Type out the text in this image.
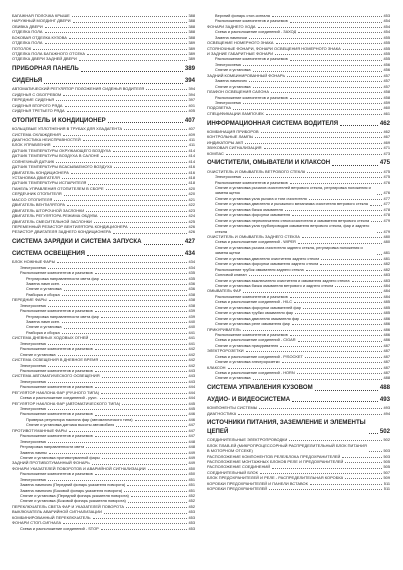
БАГАЖНАЯ ПОЛОЧКА КРЫШЕ	388
НАРУЖНЫЙ МОЛДИНГ ДВЕРИ	388
ОБИВКА ДВЕРИ	388
ОТДЕЛКА ПОЛА	388
БОКОВАЯ ОТДЕЛКА КУЗОВА	388
ОТДЕЛКА ПОЛА	389
ПОТОЛОК	389
ОТДЕЛКА ПОЛА БАГАЖНОГО ОТСЕКА	389
ОТДЕЛКА ДВЕРИ ЗАДНЕЙ ДВЕРИ	389
ПРИБОРНАЯ ПАНЕЛЬ	389
СИДЕНЬЯ	394
АВТОМАТИЧЕСКИЙ РЕГУЛЯТОР ПОЛОЖЕНИЯ СИДЕНЬЯ ВОДИТЕЛЯ	394
СИДЕНЬЯ С ОБОГРЕВОМ	394
ПЕРЕДНИЕ СИДЕНЬЯ	397
СИДЕНЬЯ ВТОРОГО РЯДА	401
СИДЕНЬЯ ТРЕТЬЕГО РЯДА	405
ОТОПИТЕЛЬ И КОНДИЦИОНЕР	407
КОЛЬЦЕВЫЕ УПЛОТНЕНИЯ В ТРУБАХ ДЛЯ ХЛАДАГЕНТА	407
СИСТЕМА ОХЛАЖДЕНИЯ	409
ДИАГНОСТИКА НЕИСПРАВНОСТЕЙ	411
БЛОК УПРАВЛЕНИЯ	411
ДАТЧИК ТЕМПЕРАТУРЫ ОКРУЖАЮЩЕГО ВОЗДУХА	414
ДАТЧИК ТЕМПЕРАТУРЫ ВОЗДУХА В САЛОНЕ	414
СОЛНЕЧНЫЙ ДАТЧИК	414
ДАТЧИК ТЕМПЕРАТУРЫ ВСАСЫВАЕМОГО ВОЗДУХА	416
ДВИГАТЕЛЬ КОНДИЦИОНЕРА	416
УСТАНОВКА ДВИГАТЕЛЯ	418
ДАТЧИК ТЕМПЕРАТУРЫ ИСПАРИТЕЛЯ	418
ПАНЕЛЬ УПРАВЛЕНИЯ ОТОПИТЕЛЕМ В СБОРЕ	420
СЕРДЕЧНИК ОТОПИТЕЛЯ	420
МАССО ОТОПИТЕЛЯ	421
ДВИГАТЕЛЬ ВЕНТИЛЯТОРА	422
ДВИГАТЕЛЬ ШТОРОЧНОЙ ЗАСЛОНКИ	423
ДВИГАТЕЛЬ РЕГУЛЯТОРА РЕЖИМА ОБДУВА	424
ДВИГАТЕЛЬ СМЕСИТЕЛЬНОЙ ЗАСЛОНКИ	425
ПЕРЕМЕННЫЙ РЕЗИСТОР ВЕНТИЛЯТОРА КОНДИЦИОНЕРА	426
РЕЗИСТОР ДВИГАТЕЛЯ ЗАДНЕГО КОНДИЦИОНЕРА	426
СИСТЕМА ЗАРЯДКИ И СИСТЕМА ЗАПУСКА	427
СИСТЕМА ОСВЕЩЕНИЯ	434
БЛОК НОЖНЫЕ ФАРЫ	434
Электросхема	434
Расположение компонентов и разъемов	435
Регулировка направленности света фар	435
Замена ламп ксен.	436
Снятие и установка	436
Разборка и сборка	438
ПЕРЕДНИЕ ФАРЫ	438
Электросхема	438
Расположение компонентов и разъемов	439
Регулировка направленности света фар	439
Замена ламп ксен.	440
Снятие и установка	440
Разборка и сборка	441
СИСТЕМА ДНЕВНЫХ ХОДОВЫХ ОГНЕЙ	441
Электросхема	441
Расположение компонентов и разъемов	442
Снятие и установка	442
СИСТЕМА ОСВЕЩЕНИЯ В ДНЕВНОЕ ВРЕМЯ	442
Электросхема	442
Расположение компонентов и разъемов	443
СИСТЕМА АВТОМАТИЧЕСКОГО ОСВЕЩЕНИЯ	443
Электросхема	443
Расположение компонентов и разъемов	444
РЕГУЛЯТОР НАКЛОНА ФАР (РУЧНОГО ТИПА)	444
Схема и расположение соединений - ручн.	444
РЕГУЛЯТОР НАКЛОНА ФАР (АВТОМАТИЧЕСКОГО ТИПА)	445
Электросхема	445
Расположение компонентов и разъемов	446
Проверка регулятора наклона фар (автоматического типа)	446
Снятие и установка датчика высоты автомобиля	447
ПРОТИВОТУМАННЫЕ ФАРЫ	447
Расположение компонентов и разъемов	447
Электросхема	448
Регулировка направленности света	448
Замена лампы	449
Снятие и установка противотуманной фары	449
ЗАДНИЙ ПРОТИВОТУМАННЫЙ ФОНАРЬ	449
ФОНАРИ УКАЗАТЕЛЕЙ ПОВОРОТОВ И АВАРИЙНОЙ СИГНАЛИЗАЦИИ	450
Расположение компонентов и разъемов	450
Электросхема	451
Замена лампочек (Передний фонарь указателя поворота)	451
Замена лампочек (Боковой фонарь указателя поворота)	451
Снятие и установка (Передний фонарь указателя поворота)	452
Снятие и установка (Боковой фонарь указателя поворота)	452
ПЕРЕКЛЮЧАТЕЛЬ СВЕТА ФАР И УКАЗАТЕЛЕЙ ПОВОРОТА	452
ВЫКЛЮЧАТЕЛЬ АВАРИЙНОЙ СИГНАЛИЗАЦИИ	453
КОМБИНИРОВАННЫЙ ПЕРЕКЛЮЧАТЕЛЬ	453
ФОНАРИ СТОП-СИГНАЛА	453
Схема и расположение соединений - STOP	453
Верхний фонарь стоп-сигнала	453
Расположение компонентов и разъемов	454
ФОНАРИ ЗАДНЕГО ХОДА	454
Схема и расположение соединений - ЗАХОД	454
Замена лампочки	455
ОСВЕЩЕНИЕ НОМЕРНОГО ЗНАКА	455
СТОЯНОЧНЫЕ ФОНАРИ, ФОНАРИ ОСВЕЩЕНИЯ НОМЕРНОГО ЗНАКА	455
И ЗАДНИЕ ГАБАРИТНЫЕ ФОНАРИ	455
Расположение компонентов и разъемов	455
Электросхема	456
Снятие и установка	456
ЗАДНИЙ КОМБИНИРОВАННЫЙ ФОНАРЬ	457
Замена лампочек	457
Снятие и установка	457
ПЛАФОН ОСВЕЩЕНИЯ САЛОНА	458
Расположение компонентов и разъемов	458
Электросхема	459
ПОДСВЕТКА	460
СПЕЦИФИКАЦИИ ЛАМПОЧЕК	461
ИНФОРМАЦИОННАЯ СИСТЕМА ВОДИТЕЛЯ	462
КОМБИНАЦИЯ ПРИБОРОВ	462
КОНТРОЛЬНЫЕ ЛАМПЫ	467
ИНДИКАТОРЫ АКП	469
ЗВУКОВАЯ СИГНАЛИЗАЦИЯ	471
КОМПАС	473
ОЧИСТИТЕЛИ, ОМЫВАТЕЛИ И КЛАКСОН	475
ОЧИСТИТЕЛЬ И ОМЫВАТЕЛЬ ВЕТРОВОГО СТЕКЛА	475
Электросхема	475
Расположение компонентов и разъемов	476
Снятие и установка рычагов очистителей ветрового стекла, регулировка положения и замена щеток	476
Снятие и установка узла рычага и тяги очистителя	477
Снятие и установка двигателя и рычажного механизма очистителя ветрового стекла	477
Снятие и установка бачка омывателя	478
Снятие и установка форсунки омывателя	478
Снятие и установка переключателя стеклоочистителя и омывателя ветрового стекла	479
Снятие и установка узла трубопроводов омывателя ветрового стекла, фар и заднего стекла	479
ОЧИСТИТЕЛЬ И ОМЫВАТЕЛЬ ЗАДНЕГО СТЕКЛА	480
Схема и расположение соединений - WIPER	480
Снятие и установка рычага очистителя заднего стекла, регулировка положения и замена щетки	481
Снятие и установка двигателя очистителя заднего стекла	481
Снятие и установка форсунки омывателя заднего стекла	482
Расположение трубок омывателя заднего стекла	482
Сопловой клапан	483
Снятие и установка выключателя очистителя и омывателя заднего стекла	483
Снятие и установка бачка омывателя ветрового и заднего стекла	484
ОМЫВАТЕЛЬ ФАР	484
Расположение компонентов и разъемов	484
Схема и расположение соединений - H/LC	485
Снятие и установка форсунки омывателей фар	485
Снятие и установка трубки омывателя фар	485
Снятие и установка двигателя омывателя фар	486
Снятие и установка реле омывателя фар	486
ПРИКУРИВАТЕЛЬ	486
Расположение компонентов и разъемов	486
Схема и расположение соединений - CIGAR	486
Снятие и установка прикуривателя	487
ЭЛЕКТРОРОЗЕТКИ	487
Схема и расположение соединений - P/SOCKET	487
Снятие и установка электророзетки	487
КЛАКСОН	487
Схема и расположение соединений - HORN	487
Снятие и установка	488
СИСТЕМА УПРАВЛЕНИЯ КУЗОВОМ	488
АУДИО- И ВИДЕОСИСТЕМА	493
КОМПОНЕНТЫ СИСТЕМЫ	493
ДИАГНОСТИКА	494
ИСТОЧНИКИ ПИТАНИЯ, ЗАЗЕМЛЕНИЕ И ЭЛЕМЕНТЫ ЦЕПЕЙ	502
СОЕДИНИТЕЛЬНЫЕ ЭЛЕКТРОПРОВОДКИ	502
БЛОК ПЛАВ-ЕЙ (МИКРОПРОЦЕССОРНЫЙ РАСПРЕДЕЛИТЕЛЬНЫЙ БЛОК ПИТАНИЯ В МОТОРНОМ ОТСЕКЕ)	503
РАСПОЛОЖЕНИЕ КОМПОНЕНТОВ РЕЛЕ/БЛОКА ПРЕДОХРАНИТЕЛЕЙ	503
РАСПОЛОЖЕНИЕ МОНТАЖНЫХ БЛОКОВ РЕЛЕ И ПРЕДОХРАНИТЕЛЕЙ	505
РАСПОЛОЖЕНИЕ СОЕДИНЕНИЙ	505
СОЕДИНИТЕЛЬНЫЙ БЛОК	507
БЛОК ПРЕДОХРАНИТЕЛЕЙ И РЕЛЕ - РАСПРЕДЕЛИТЕЛЬНАЯ КОРОБКА	509
КОРОБКИ ПРЕДОХРАНИТЕЛЕЙ И ПАНЕЛИ ВСТАВОК	511
КОРОБКИ ПРЕДОХРАНИТЕЛЕЙ	511
